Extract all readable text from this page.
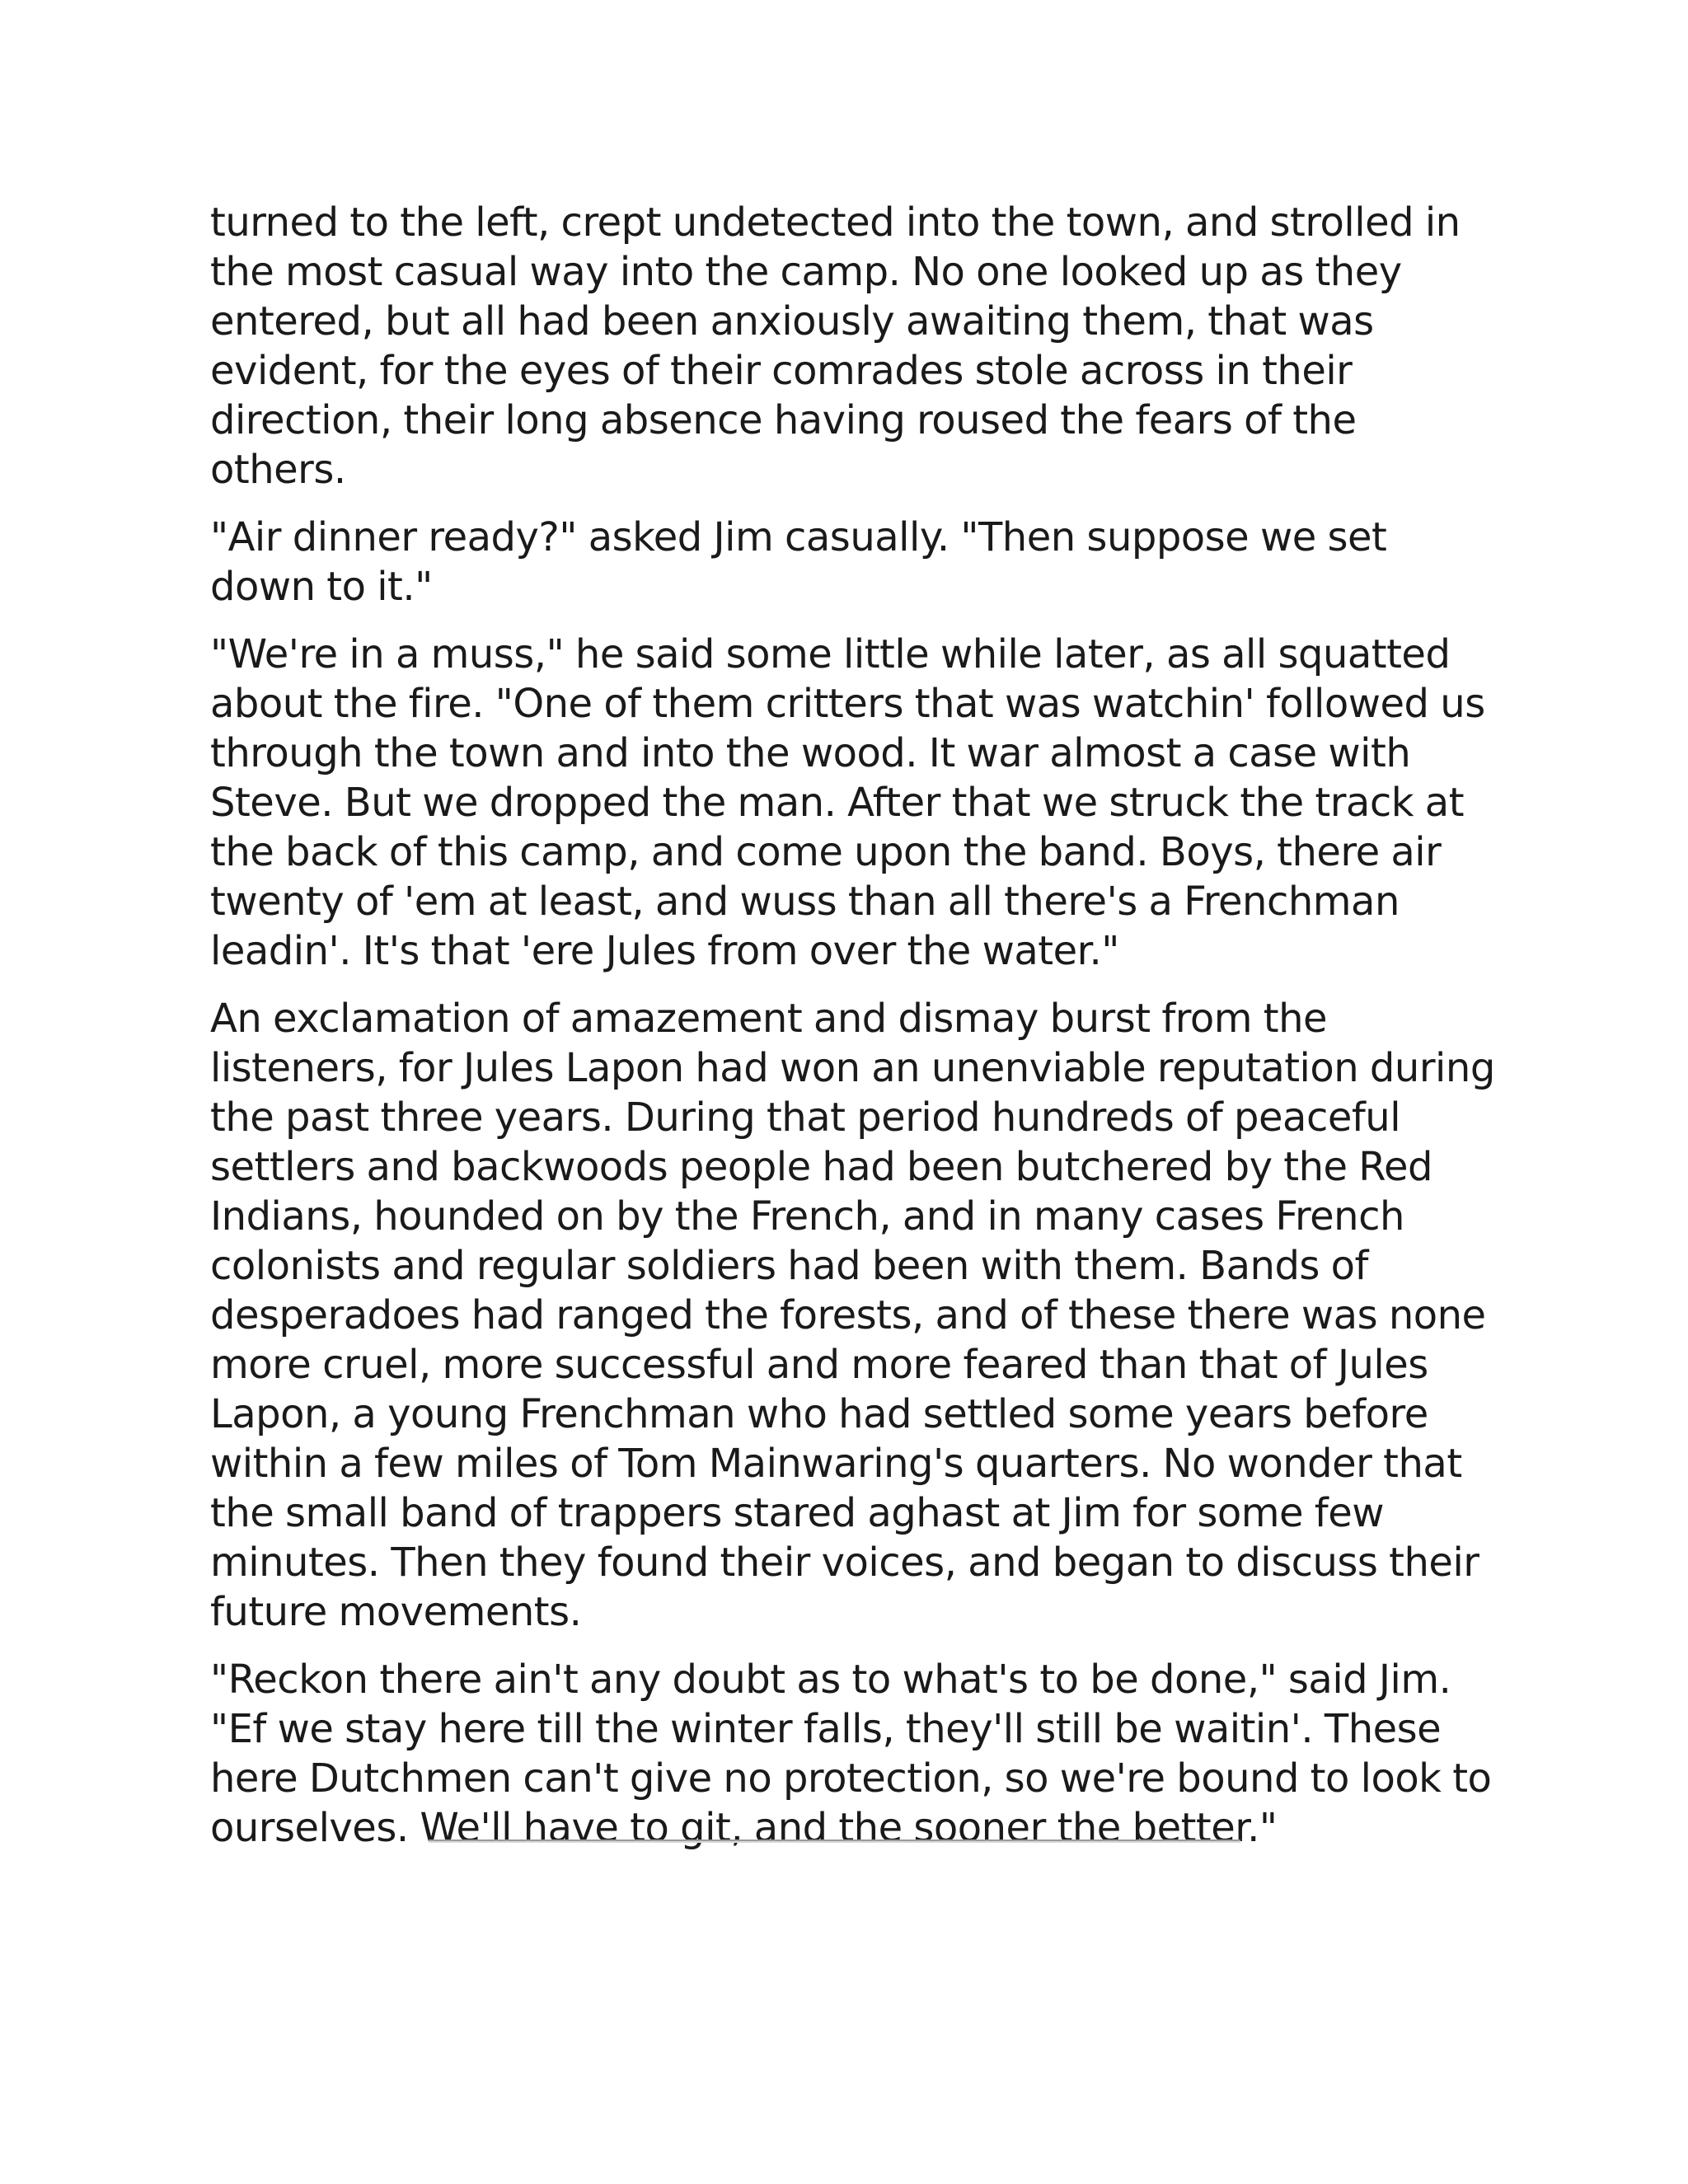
turned to the left, crept undetected into the town, and strolled in the most casual way into the camp. No one looked up as they entered, but all had been anxiously awaiting them, that was evident, for the eyes of their comrades stole across in their direction, their long absence having roused the fears of the others.

"Air dinner ready?" asked Jim casually. "Then suppose we set down to it."

"We're in a muss," he said some little while later, as all squatted about the fire. "One of them critters that was watchin' followed us through the town and into the wood. It war almost a case with Steve. But we dropped the man. After that we struck the track at the back of this camp, and come upon the band. Boys, there air twenty of 'em at least, and wuss than all there's a Frenchman leadin'. It's that 'ere Jules from over the water."

An exclamation of amazement and dismay burst from the listeners, for Jules Lapon had won an unenviable reputation during the past three years. During that period hundreds of peaceful settlers and backwoods people had been butchered by the Red Indians, hounded on by the French, and in many cases French colonists and regular soldiers had been with them. Bands of desperadoes had ranged the forests, and of these there was none more cruel, more successful and more feared than that of Jules Lapon, a young Frenchman who had settled some years before within a few miles of Tom Mainwaring's quarters. No wonder that the small band of trappers stared aghast at Jim for some few minutes. Then they found their voices, and began to discuss their future movements.

"Reckon there ain't any doubt as to what's to be done," said Jim. "Ef we stay here till the winter falls, they'll still be waitin'. These here Dutchmen can't give no protection, so we're bound to look to ourselves. We'll have to git, and the sooner the better."
